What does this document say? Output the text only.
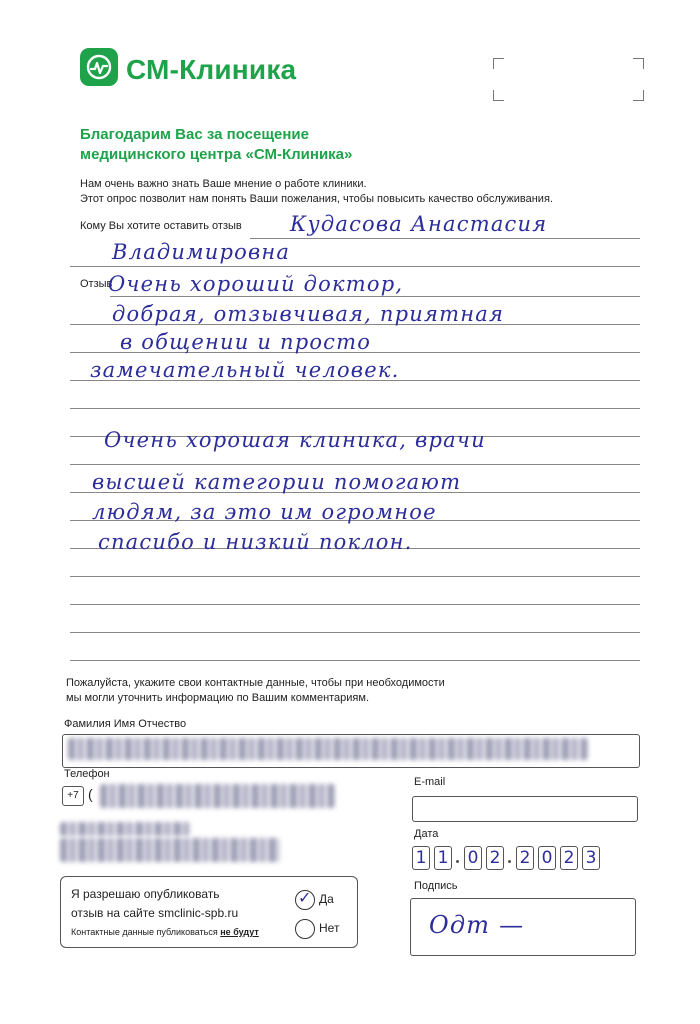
СМ-Клиника
Благодарим Вас за посещение
медицинского центра «СМ-Клиника»
Нам очень важно знать Ваше мнение о работе клиники.
Этот опрос позволит нам понять Ваши пожелания, чтобы повысить качество обслуживания.
Кому Вы хотите оставить отзыв Кудасова Анастасия
Владимировна
Отзыв
Очень хороший доктор,
добрая, отзывчивая, приятная
в общении и просто
замечательный человек.
Очень хорошая клиника, врачи
высшей категории помогают
людям, за это им огромное
спасибо и низкий поклон.
Пожалуйста, укажите свои контактные данные, чтобы при необходимости
мы могли уточнить информацию по Вашим комментариям.
Фамилия Имя Отчество
Телефон
+7 (
E-mail
Дата
1 1 0 2 2 0 2 3
Я разрешаю опубликовать
отзыв на сайте smclinic-spb.ru
Контактные данные публиковаться не будут
✓ Да
Нет
Подпись
Одт —
